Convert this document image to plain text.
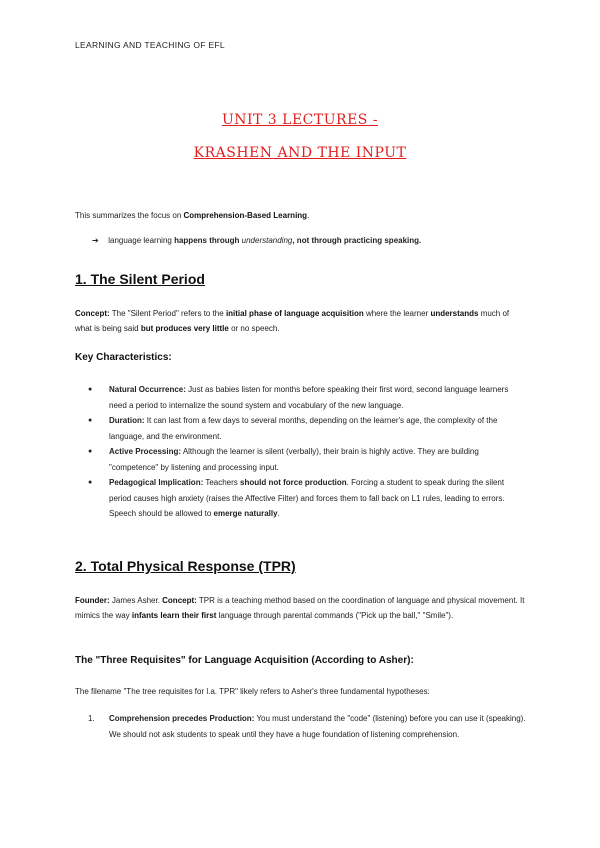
LEARNING AND TEACHING OF EFL
UNIT 3 LECTURES -
KRASHEN AND THE INPUT
This summarizes the focus on Comprehension-Based Learning.
➔ language learning happens through understanding, not through practicing speaking.
1. The Silent Period
Concept: The "Silent Period" refers to the initial phase of language acquisition where the learner understands much of what is being said but produces very little or no speech.
Key Characteristics:
● Natural Occurrence: Just as babies listen for months before speaking their first word, second language learners need a period to internalize the sound system and vocabulary of the new language.
● Duration: It can last from a few days to several months, depending on the learner's age, the complexity of the language, and the environment.
● Active Processing: Although the learner is silent (verbally), their brain is highly active. They are building "competence" by listening and processing input.
● Pedagogical Implication: Teachers should not force production. Forcing a student to speak during the silent period causes high anxiety (raises the Affective Filter) and forces them to fall back on L1 rules, leading to errors. Speech should be allowed to emerge naturally.
2. Total Physical Response (TPR)
Founder: James Asher. Concept: TPR is a teaching method based on the coordination of language and physical movement. It mimics the way infants learn their first language through parental commands ("Pick up the ball," "Smile").
The "Three Requisites" for Language Acquisition (According to Asher):
The filename "The tree requisites for l.a. TPR" likely refers to Asher's three fundamental hypotheses:
1. Comprehension precedes Production: You must understand the "code" (listening) before you can use it (speaking). We should not ask students to speak until they have a huge foundation of listening comprehension.
